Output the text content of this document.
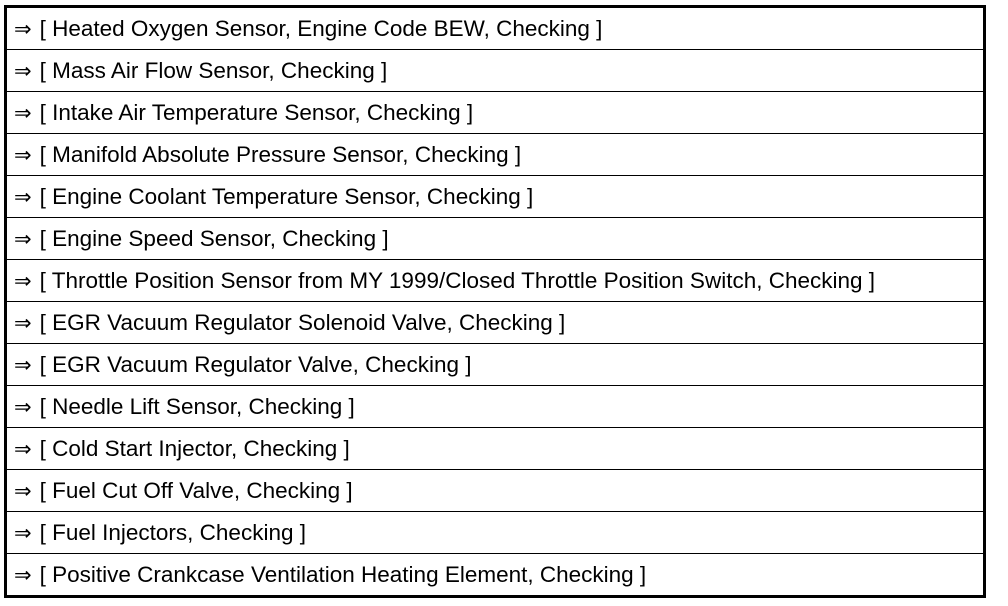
⇒ [ Heated Oxygen Sensor, Engine Code BEW, Checking ]
⇒ [ Mass Air Flow Sensor, Checking ]
⇒ [ Intake Air Temperature Sensor, Checking ]
⇒ [ Manifold Absolute Pressure Sensor, Checking ]
⇒ [ Engine Coolant Temperature Sensor, Checking ]
⇒ [ Engine Speed Sensor, Checking ]
⇒ [ Throttle Position Sensor from MY 1999/Closed Throttle Position Switch, Checking ]
⇒ [ EGR Vacuum Regulator Solenoid Valve, Checking ]
⇒ [ EGR Vacuum Regulator Valve, Checking ]
⇒ [ Needle Lift Sensor, Checking ]
⇒ [ Cold Start Injector, Checking ]
⇒ [ Fuel Cut Off Valve, Checking ]
⇒ [ Fuel Injectors, Checking ]
⇒ [ Positive Crankcase Ventilation Heating Element, Checking ]
